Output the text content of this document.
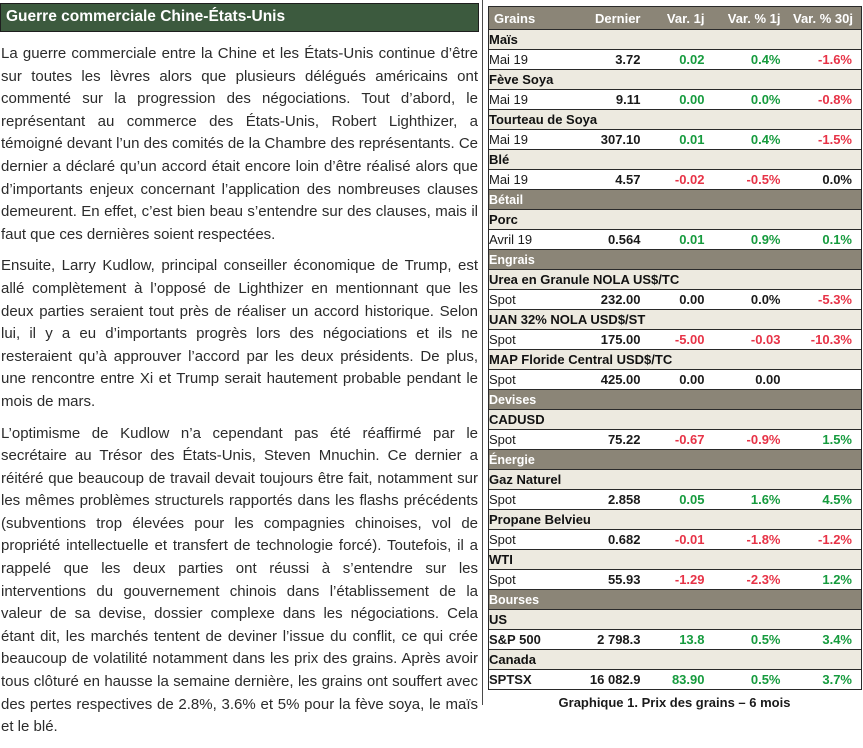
Guerre commerciale Chine-États-Unis

La guerre commerciale entre la Chine et les États-Unis continue d’être sur toutes les lèvres alors que plusieurs délégués américains ont commenté sur la progression des négociations. Tout d’abord, le représentant au commerce des États-Unis, Robert Lighthizer, a témoigné devant l’un des comités de la Chambre des représentants. Ce dernier a déclaré qu’un accord était encore loin d’être réalisé alors que d’importants enjeux concernant l’application des nombreuses clauses demeurent. En effet, c’est bien beau s’entendre sur des clauses, mais il faut que ces dernières soient respectées.

Ensuite, Larry Kudlow, principal conseiller économique de Trump, est allé complètement à l’opposé de Lighthizer en mentionnant que les deux parties seraient tout près de réaliser un accord historique. Selon lui, il y a eu d’importants progrès lors des négociations et ils ne resteraient qu’à approuver l’accord par les deux présidents. De plus, une rencontre entre Xi et Trump serait hautement probable pendant le mois de mars.

L’optimisme de Kudlow n’a cependant pas été réaffirmé par le secrétaire au Trésor des États-Unis, Steven Mnuchin. Ce dernier a réitéré que beaucoup de travail devait toujours être fait, notamment sur les mêmes problèmes structurels rapportés dans les flashs précédents (subventions trop élevées pour les compagnies chinoises, vol de propriété intellectuelle et transfert de technologie forcé). Toutefois, il a rappelé que les deux parties ont réussi à s’entendre sur les interventions du gouvernement chinois dans l’établissement de la valeur de sa devise, dossier complexe dans les négociations. Cela étant dit, les marchés tentent de deviner l’issue du conflit, ce qui crée beaucoup de volatilité notamment dans les prix des grains. Après avoir tous clôturé en hausse la semaine dernière, les grains ont souffert avec des pertes respectives de 2.8%, 3.6% et 5% pour la fève soya, le maïs et le blé.

Grains	Dernier	Var. 1j	Var. % 1j	Var. % 30j
Maïs				
Mai 19	3.72	0.02	0.4%	-1.6%
Fève Soya				
Mai 19	9.11	0.00	0.0%	-0.8%
Tourteau de Soya				
Mai 19	307.10	0.01	0.4%	-1.5%
Blé				
Mai 19	4.57	-0.02	-0.5%	0.0%
Bétail				
Porc				
Avril 19	0.564	0.01	0.9%	0.1%
Engrais				
Urea en Granule NOLA US$/TC				
Spot	232.00	0.00	0.0%	-5.3%
UAN 32% NOLA USD$/ST				
Spot	175.00	-5.00	-0.03	-10.3%
MAP Floride Central USD$/TC				
Spot	425.00	0.00	0.00	
Devises				
CADUSD				
Spot	75.22	-0.67	-0.9%	1.5%
Énergie				
Gaz Naturel				
Spot	2.858	0.05	1.6%	4.5%
Propane Belvieu				
Spot	0.682	-0.01	-1.8%	-1.2%
WTI				
Spot	55.93	-1.29	-2.3%	1.2%
Bourses				
US				
S&P 500	2 798.3	13.8	0.5%	3.4%
Canada				
SPTSX	16 082.9	83.90	0.5%	3.7%
Graphique 1. Prix des grains – 6 mois
